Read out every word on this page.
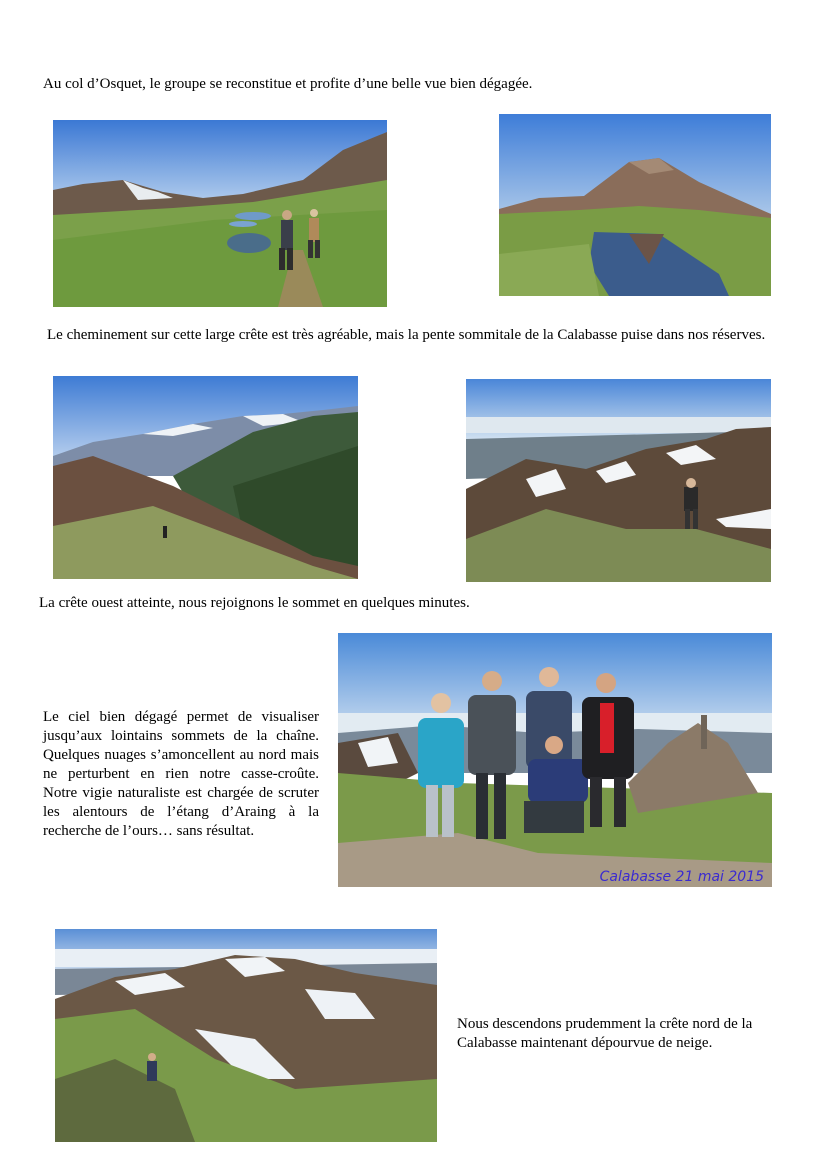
Au col d’Osquet, le groupe se reconstitue et profite d’une belle vue bien dégagée.
Le cheminement sur cette large crête est très agréable, mais la pente sommitale de la Calabasse puise dans nos réserves.
La crête ouest atteinte, nous rejoignons le sommet en quelques minutes.
Le ciel bien dégagé permet de visualiser jusqu’aux lointains sommets de la chaîne. Quelques nuages s’amoncellent au nord mais ne perturbent en rien notre casse-croûte. Notre vigie naturaliste est chargée de scruter les alentours de l’étang d’Araing à la recherche de l’ours… sans résultat.
Calabasse 21 mai 2015
Nous descendons prudemment la crête nord de la Calabasse maintenant dépourvue de neige.
